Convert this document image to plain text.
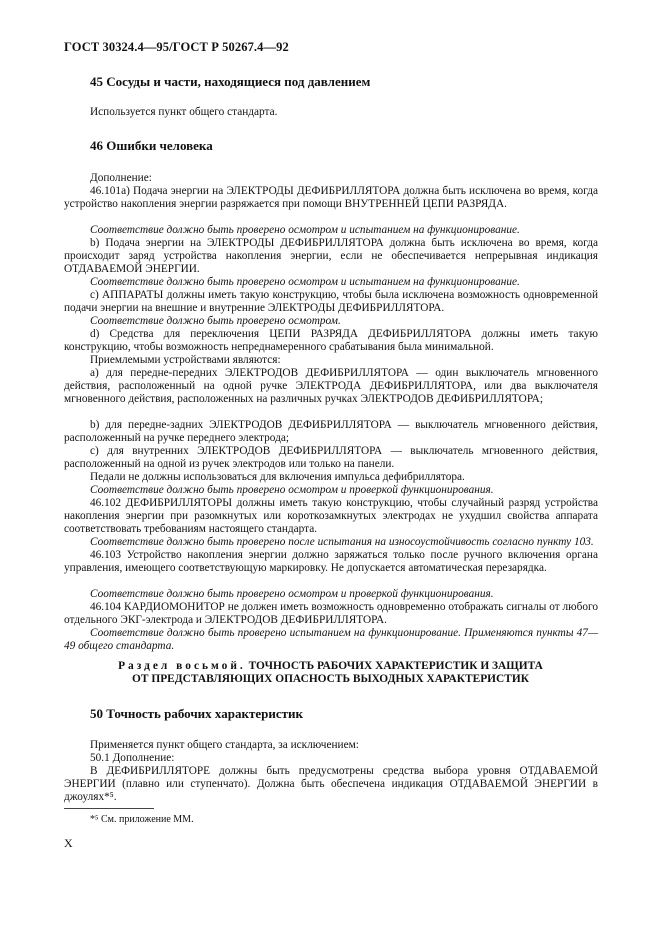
ГОСТ 30324.4—95/ГОСТ Р 50267.4—92
45 Сосуды и части, находящиеся под давлением

Используется пункт общего стандарта.

46 Ошибки человека

Дополнение:

46.101а) Подача энергии на ЭЛЕКТРОДЫ ДЕФИБРИЛЛЯТОРА должна быть исключена во время, когда устройство накопления энергии разряжается при помощи ВНУТРЕННЕЙ ЦЕПИ РАЗРЯДА.

Соответствие должно быть проверено осмотром и испытанием на функционирование.

b) Подача энергии на ЭЛЕКТРОДЫ ДЕФИБРИЛЛЯТОРА должна быть исключена во время, когда происходит заряд устройства накопления энергии, если не обеспечивается непрерывная индикация ОТДАВАЕМОЙ ЭНЕРГИИ.

Соответствие должно быть проверено осмотром и испытанием на функционирование.

с) АППАРАТЫ должны иметь такую конструкцию, чтобы была исключена возможность одновременной подачи энергии на внешние и внутренние ЭЛЕКТРОДЫ ДЕФИБРИЛЛЯТОРА.

Соответствие должно быть проверено осмотром.

d) Средства для переключения ЦЕПИ РАЗРЯДА ДЕФИБРИЛЛЯТОРА должны иметь такую конструкцию, чтобы возможность непреднамеренного срабатывания была минимальной.

Приемлемыми устройствами являются:

а) для передне-передних ЭЛЕКТРОДОВ ДЕФИБРИЛЛЯТОРА — один выключатель мгновенного действия, расположенный на одной ручке ЭЛЕКТРОДА ДЕФИБРИЛЛЯТОРА, или два выключателя мгновенного действия, расположенных на различных ручках ЭЛЕКТРОДОВ ДЕФИБРИЛЛЯТОРА;

b) для передне-задних ЭЛЕКТРОДОВ ДЕФИБРИЛЛЯТОРА — выключатель мгновенного действия, расположенный на ручке переднего электрода;

с) для внутренних ЭЛЕКТРОДОВ ДЕФИБРИЛЛЯТОРА — выключатель мгновенного действия, расположенный на одной из ручек электродов или только на панели.

Педали не должны использоваться для включения импульса дефибриллятора.

Соответствие должно быть проверено осмотром и проверкой функционирования.

46.102 ДЕФИБРИЛЛЯТОРЫ должны иметь такую конструкцию, чтобы случайный разряд устройства накопления энергии при разомкнутых или короткозамкнутых электродах не ухудшил свойства аппарата соответствовать требованиям настоящего стандарта.

Соответствие должно быть проверено после испытания на износоустойчивость согласно пункту 103.

46.103 Устройство накопления энергии должно заряжаться только после ручного включения органа управления, имеющего соответствующую маркировку. Не допускается автоматическая перезарядка.

Соответствие должно быть проверено осмотром и проверкой функционирования.

46.104 КАРДИОМОНИТОР не должен иметь возможность одновременно отображать сигналы от любого отдельного ЭКГ-электрода и ЭЛЕКТРОДОВ ДЕФИБРИЛЛЯТОРА.

Соответствие должно быть проверено испытанием на функционирование. Применяются пункты 47—49 общего стандарта.

Раздел восьмой. ТОЧНОСТЬ РАБОЧИХ ХАРАКТЕРИСТИК И ЗАЩИТА
ОТ ПРЕДСТАВЛЯЮЩИХ ОПАСНОСТЬ ВЫХОДНЫХ ХАРАКТЕРИСТИК
50 Точность рабочих характеристик

Применяется пункт общего стандарта, за исключением:

50.1 Дополнение:

В ДЕФИБРИЛЛЯТОРЕ должны быть предусмотрены средства выбора уровня ОТДАВАЕМОЙ ЭНЕРГИИ (плавно или ступенчато). Должна быть обеспечена индикация ОТДАВАЕМОЙ ЭНЕРГИИ в джоулях*⁵.

*⁵ См. приложение ММ.
X
